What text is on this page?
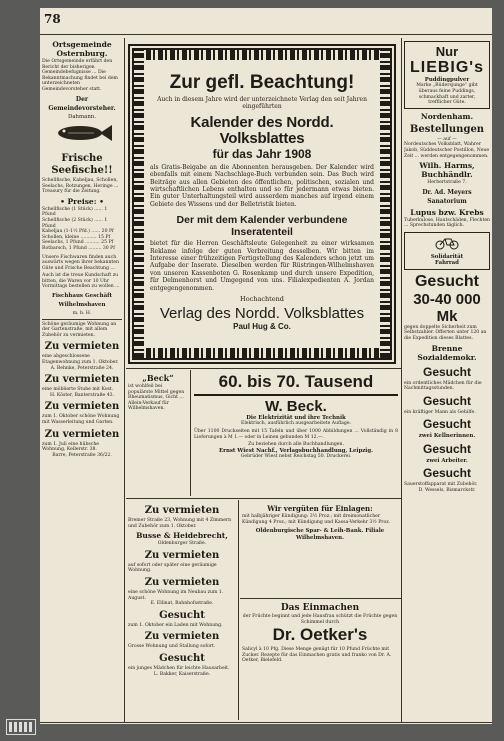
78
Ortsgemeinde Osternburg.
Die Ortsgemeinde erfährt den Bericht der bisherigen Gemeindebefugnisse ... Die Bekanntmachung findet bei dem unterzeichneten Gemeindevorsteher statt.
Der Gemeindevorsteher.
Dahmann.
Frische Seefische!!
Schellfische, Kabeljau, Schollen, Seelachs, Rotzungen, Heringe ... Treasury für die Zeitung.
• Preise: •
Schellfische (1 Stück) ...... 1 Pfund
Schellfische (2 Stück) ...... 1 Pfund
Kabeljau (1-1½ Pfd.) ...... 20 Pf
Schollen, kleine ........... 15 Pf
Seelachs, 1 Pfund .......... 25 Pf
Rotbarsch, 1 Pfund ......... 30 Pf
Unsere Fischwaren finden auch auswärts wegen ihrer bekannten Güte und Frische Beachtung ...
Auch ist die treue Kundschaft zu bitten, die Waren vor 10 Uhr Vormittags bestellen zu wollen ...
Fischhaus Geschäft Wilhelmshaven
m. b. H.
Schöne geräumige Wohnung an der Gartenstraße, mit allem Zubehör zu vermieten.
Zu vermieten
eine abgeschlossene Etagenwohnung zum 1. Oktober.
A. Behnke, Peterstraße 24.
Zu vermieten
eine möblierte Stube mit Kost.
H. Köster, Banterstraße 43.
Zu vermieten
zum 1. Oktober schöne Wohnung mit Wasserleitung und Garten.
Zu vermieten
zum 1. Juli eine hübsche Wohnung, Kellerstr. 38.
Barre, Peterstraße 36/22.
Zur gefl. Beachtung!
Auch in diesem Jahre wird der unterzeichnete Verlag den seit Jahren eingeführten
Kalender des Nordd. Volksblattes
für das Jahr 1908
als Gratis-Beigabe an die Abonnenten herausgeben. Der Kalender wird ebenfalls mit einem Nachschlage-Buch verbunden sein. Das Buch wird Beiträge aus allen Gebieten des öffentlichen, politischen, sozialen und wirtschaftlichen Lebens enthalten und so für jedermann etwas bieten. Ein guter Unterhaltungsteil wird ausserdem manches auf irgend einem Gebiete des Wissens und der Belletristik bieten.
Der mit dem Kalender verbundene Inseratenteil
bietet für die Herren Geschäftsleute Gelegenheit zu einer wirksamen Reklame infolge der guten Verbreitung desselben. Wir bitten im Interesse einer frühzeitigen Fertigstellung des Kalenders schon jetzt um Aufgabe der Inserate. Dieselben werden für Rüstringen-Wilhelmshaven von unseren Kassenboten G. Rosenkamp und durch unsere Expedition, für Delmenhorst und Umgegend von uns. Filialexpedienten A. Jordan entgegengenommen.
Hochachtend
Verlag des Nordd. Volksblattes
Paul Hug & Co.
„Beck“
ist wohlfeil bei populärste Mittel gegen Rheumatismus, Gicht ... Allein-Verkauf für Wilhelmshaven.
60. bis 70. Tausend
W. Beck.
Die Elektrizität und ihre Technik
Elektrisch, ausführlich ausgearbeitete Auflage.
Über 1100 Druckseiten mit 15 Tafeln und über 1000 Abbildungen ... Vollständig in 8 Lieferungen à M 1.— oder in Leinen gebunden M 12.—.
Zu beziehen durch alle Buchhandlungen.
Ernst Wiest Nachf., Verlagsbuchhandlung, Leipzig.
Gebrüder Wiest nebst Reichstag 50. Druckerei.
Zu vermieten
Bremer Straße 23, Wohnung mit 4 Zimmern und Zubehör zum 1. Oktober.
Busse & Heidebrecht,
Oldenburger Straße.
Zu vermieten
auf sofort oder später eine geräumige Wohnung.
Zu vermieten
eine schöne Wohnung im Neubau zum 1. August.
E. Ellinat, Bahnhofsstraße.
Gesucht
zum 1. Oktober ein Laden mit Wohnung.
Zu vermieten
Grosse Wohnung und Stallung sofort.
Gesucht
ein junges Mädchen für leichte Hausarbeit.
L. Bakker, Kaiserstraße.
Wir vergüten für Einlagen:
mit halbjähriger Kündigung: 3½ Proz.; mit dreimonatlicher Kündigung 4 Proz.; mit Kündigung und Kassa-Verkehr 3½ Proz.
Oldenburgische Spar- & Leih-Bank. Filiale Wilhelmshaven.
Das Einmachen
der Früchte beginnt und jede Hausfrau schützt die Früchte gegen Schimmel durch
Dr. Oetker's
Salicyl à 10 Pfg. Diese Menge genügt für 10 Pfund Früchte mit Zucker. Rezepte für das Einmachen gratis und franko von Dr. A. Oetker, Bielefeld.
Nur
LIEBIG's
Puddingpulver
Marke „Rüdersjunge“ gibt überaus feine Puddings, schmackhaft und zarter, trefflicher Güte.
Nordenham.
Bestellungen
— auf —
Nordeutsches Volksblatt, Wahrer Jakob, Süddeutscher Postillon, Neue Zeit ... werden entgegengenommen.
Wilh. Harms, Buchhändlr.
Herbertstraße 7.
Dr. Ad. Meyers Sanatorium
Lupus bzw. Krebs
Tuberkulose, Hautschäden, Flechten ... Sprechstunden täglich.
Solidarität
Fahrrad
Gesucht
30-40 000 Mk
gegen doppelte Sicherheit zum Selbstzahler. Offerten unter 120 an die Expedition dieses Blattes.
Brenne Sozialdemokr.
Gesucht
ein ordentliches Mädchen für die Nachmittagsstunden.
Gesucht
ein kräftiger Mann als Gehilfe.
Gesucht
zwei Kellnerinnen.
Gesucht
zwei Arbeiter.
Gesucht
Sauerstoffapparat mit Zubehör.
D. Wessels, Bismarckstr.
